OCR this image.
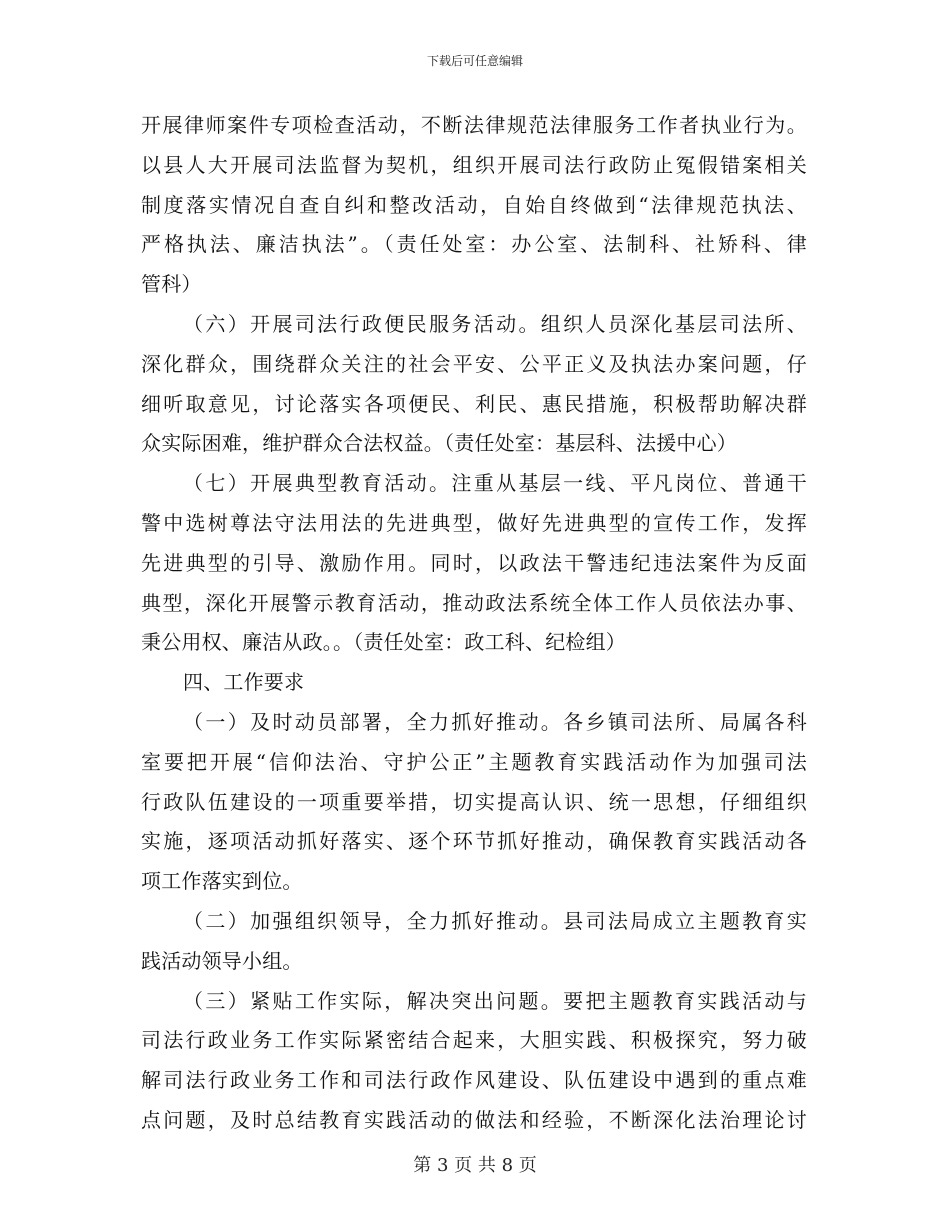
下载后可任意编辑
开展律师案件专项检查活动，不断法律规范法律服务工作者执业行为。
以县人大开展司法监督为契机，组织开展司法行政防止冤假错案相关
制度落实情况自查自纠和整改活动，自始自终做到“法律规范执法、
严格执法、廉洁执法”。（责任处室：办公室、法制科、社矫科、律
管科）
（六）开展司法行政便民服务活动。组织人员深化基层司法所、
深化群众，围绕群众关注的社会平安、公平正义及执法办案问题，仔
细听取意见，讨论落实各项便民、利民、惠民措施，积极帮助解决群
众实际困难，维护群众合法权益。（责任处室：基层科、法援中心）
（七）开展典型教育活动。注重从基层一线、平凡岗位、普通干
警中选树尊法守法用法的先进典型，做好先进典型的宣传工作，发挥
先进典型的引导、激励作用。同时，以政法干警违纪违法案件为反面
典型，深化开展警示教育活动，推动政法系统全体工作人员依法办事、
秉公用权、廉洁从政。。（责任处室：政工科、纪检组）
四、工作要求
（一）及时动员部署，全力抓好推动。各乡镇司法所、局属各科
室要把开展“信仰法治、守护公正”主题教育实践活动作为加强司法
行政队伍建设的一项重要举措，切实提高认识、统一思想，仔细组织
实施，逐项活动抓好落实、逐个环节抓好推动，确保教育实践活动各
项工作落实到位。
（二）加强组织领导，全力抓好推动。县司法局成立主题教育实
践活动领导小组。
（三）紧贴工作实际，解决突出问题。要把主题教育实践活动与
司法行政业务工作实际紧密结合起来，大胆实践、积极探究，努力破
解司法行政业务工作和司法行政作风建设、队伍建设中遇到的重点难
点问题，及时总结教育实践活动的做法和经验，不断深化法治理论讨
第 3 页 共 8 页
